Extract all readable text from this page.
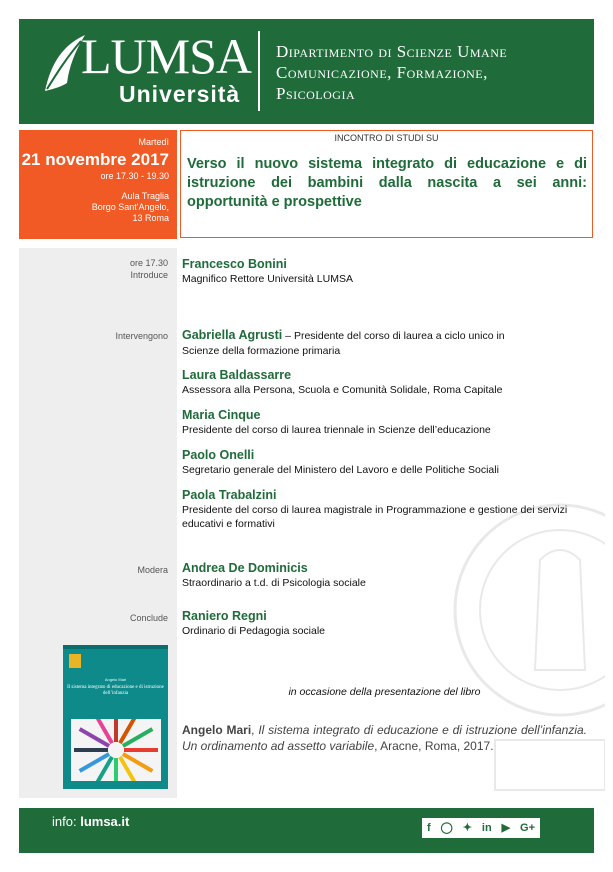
LUMSA
Università
Dipartimento di Scienze Umane
Comunicazione, Formazione,
Psicologia
Martedì
21 novembre 2017
ore 17.30 - 19.30
Aula Traglia
Borgo Sant'Angelo,
13 Roma
INCONTRO DI STUDI SU
Verso il nuovo sistema integrato di educazione e di istruzione dei bambini dalla nascita a sei anni: opportunità e prospettive
ore 17.30
Introduce
Francesco Bonini
Magnifico Rettore Università LUMSA
Intervengono Gabriella Agrusti – Presidente del corso di laurea a ciclo unico in
Scienze della formazione primaria
Laura Baldassarre
Assessora alla Persona, Scuola e Comunità Solidale, Roma Capitale
Maria Cinque
Presidente del corso di laurea triennale in Scienze dell’educazione
Paolo Onelli
Segretario generale del Ministero del Lavoro e delle Politiche Sociali
Paola Trabalzini
Presidente del corso di laurea magistrale in Programmazione e gestione dei servizi educativi e formativi
Modera Andrea De Dominicis
Straordinario a t.d. di Psicologia sociale
Conclude Raniero Regni
Ordinario di Pedagogia sociale
Angelo Mari
Il sistema integrato di educazione e di istruzione dell’infanzia	in occasione della presentazione del libro
Angelo Mari, Il sistema integrato di educazione e di istruzione dell’infanzia. Un ordinamento ad assetto variabile, Aracne, Roma, 2017.
info: lumsa.it	f ◯ ✦ in ▶ G+
